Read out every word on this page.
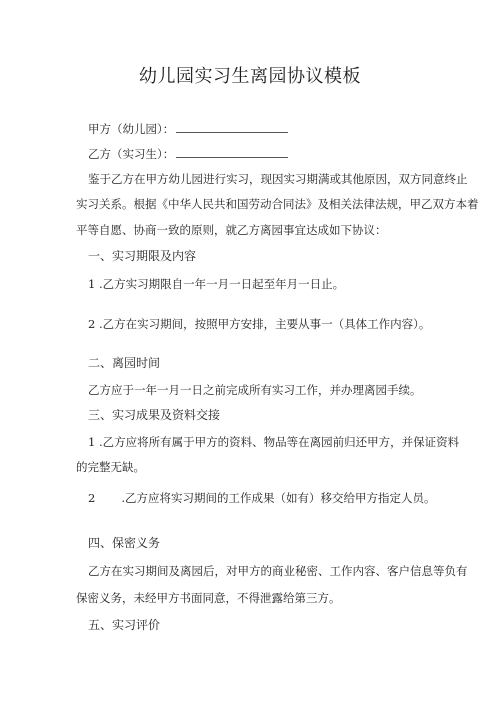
幼儿园实习生离园协议模板
甲方（幼儿园）：
乙方（实习生）：
鉴于乙方在甲方幼儿园进行实习，现因实习期满或其他原因，双方同意终止
实习关系。根据《中华人民共和国劳动合同法》及相关法律法规，甲乙双方本着
平等自愿、协商一致的原则，就乙方离园事宜达成如下协议：
一、实习期限及内容
1 .乙方实习期限自一年一月一日起至年月一日止。
2 .乙方在实习期间，按照甲方安排，主要从事一（具体工作内容）。
二、离园时间
乙方应于一年一月一日之前完成所有实习工作，并办理离园手续。
三、实习成果及资料交接
1 .乙方应将所有属于甲方的资料、物品等在离园前归还甲方，并保证资料
的完整无缺。
2 .乙方应将实习期间的工作成果（如有）移交给甲方指定人员。
四、保密义务
乙方在实习期间及离园后，对甲方的商业秘密、工作内容、客户信息等负有
保密义务，未经甲方书面同意，不得泄露给第三方。
五、实习评价
